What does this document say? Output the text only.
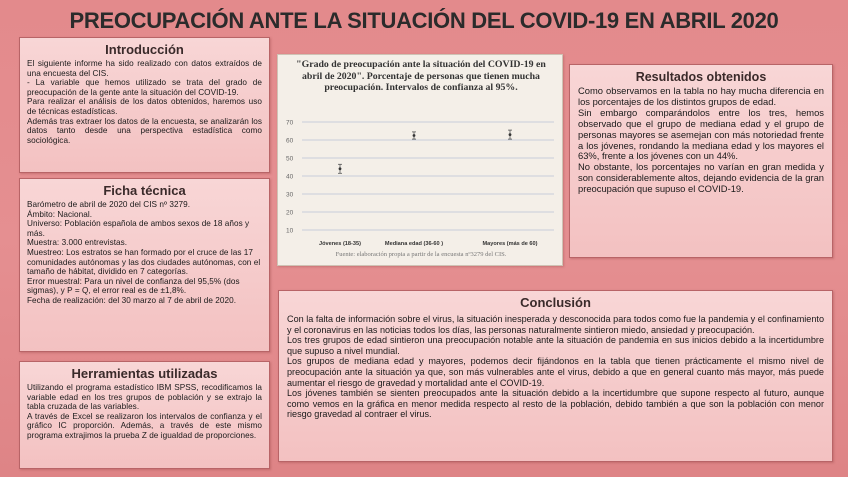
PREOCUPACIÓN ANTE LA SITUACIÓN DEL COVID-19 EN ABRIL 2020
Introducción

El siguiente informe ha sido realizado con datos extraídos de una encuesta del CIS.

- La variable que hemos utilizado se trata del grado de preocupación de la gente ante la situación del COVID-19.

Para realizar el análisis de los datos obtenidos, haremos uso de técnicas estadísticas.

Además tras extraer los datos de la encuesta, se analizarán los datos tanto desde una perspectiva estadística como sociológica.

Ficha técnica

Barómetro de abril de 2020 del CIS nº 3279.

Ámbito: Nacional.

Universo: Población española de ambos sexos de 18 años y más.

Muestra: 3.000 entrevistas.

Muestreo: Los estratos se han formado por el cruce de las 17 comunidades autónomas y las dos ciudades autónomas, con el tamaño de hábitat, dividido en 7 categorías.

Error muestral: Para un nivel de confianza del 95,5% (dos sigmas), y P = Q, el error real es de ±1,8%.

Fecha de realización: del 30 marzo al 7 de abril de 2020.

Herramientas utilizadas

Utilizando el programa estadístico IBM SPSS, recodificamos la variable edad en los tres grupos de población y se extrajo la tabla cruzada de las variables.

A través de Excel se realizaron los intervalos de confianza y el gráfico IC proporción. Además, a través de este mismo programa extrajimos la prueba Z de igualdad de proporciones.

"Grado de preocupación ante la situación del COVID-19 en abril de 2020". Porcentaje de personas que tienen mucha preocupación. Intervalos de confianza al 95%.
70
60
50
40
30
20
10
Jóvenes (18-35)	Mediana edad (36-60 )	Mayores (más de 60)
Fuente: elaboración propia a partir de la encuesta nº3279 del CIS.
Resultados obtenidos

Como observamos en la tabla no hay mucha diferencia en los porcentajes de los distintos grupos de edad.

Sin embargo comparándolos entre los tres, hemos observado que el grupo de mediana edad y el grupo de personas mayores se asemejan con más notoriedad frente a los jóvenes, rondando la mediana edad y los mayores el 63%, frente a los jóvenes con un 44%.

No obstante, los porcentajes no varían en gran medida y son considerablemente altos, dejando evidencia de la gran preocupación que supuso el COVID-19.

Conclusión

Con la falta de información sobre el virus, la situación inesperada y desconocida para todos como fue la pandemia y el confinamiento y el coronavirus en las noticias todos los días, las personas naturalmente sintieron miedo, ansiedad y preocupación.

Los tres grupos de edad sintieron una preocupación notable ante la situación de pandemia en sus inicios debido a la incertidumbre que supuso a nivel mundial.

Los grupos de mediana edad y mayores, podemos decir fijándonos en la tabla que tienen prácticamente el mismo nivel de preocupación ante la situación ya que, son más vulnerables ante el virus, debido a que en general cuanto más mayor, más puede aumentar el riesgo de gravedad y mortalidad ante el COVID-19.

Los jóvenes también se sienten preocupados ante la situación debido a la incertidumbre que supone respecto al futuro, aunque como vemos en la gráfica en menor medida respecto al resto de la población, debido también a que son la población con menor riesgo gravedad al contraer el virus.
